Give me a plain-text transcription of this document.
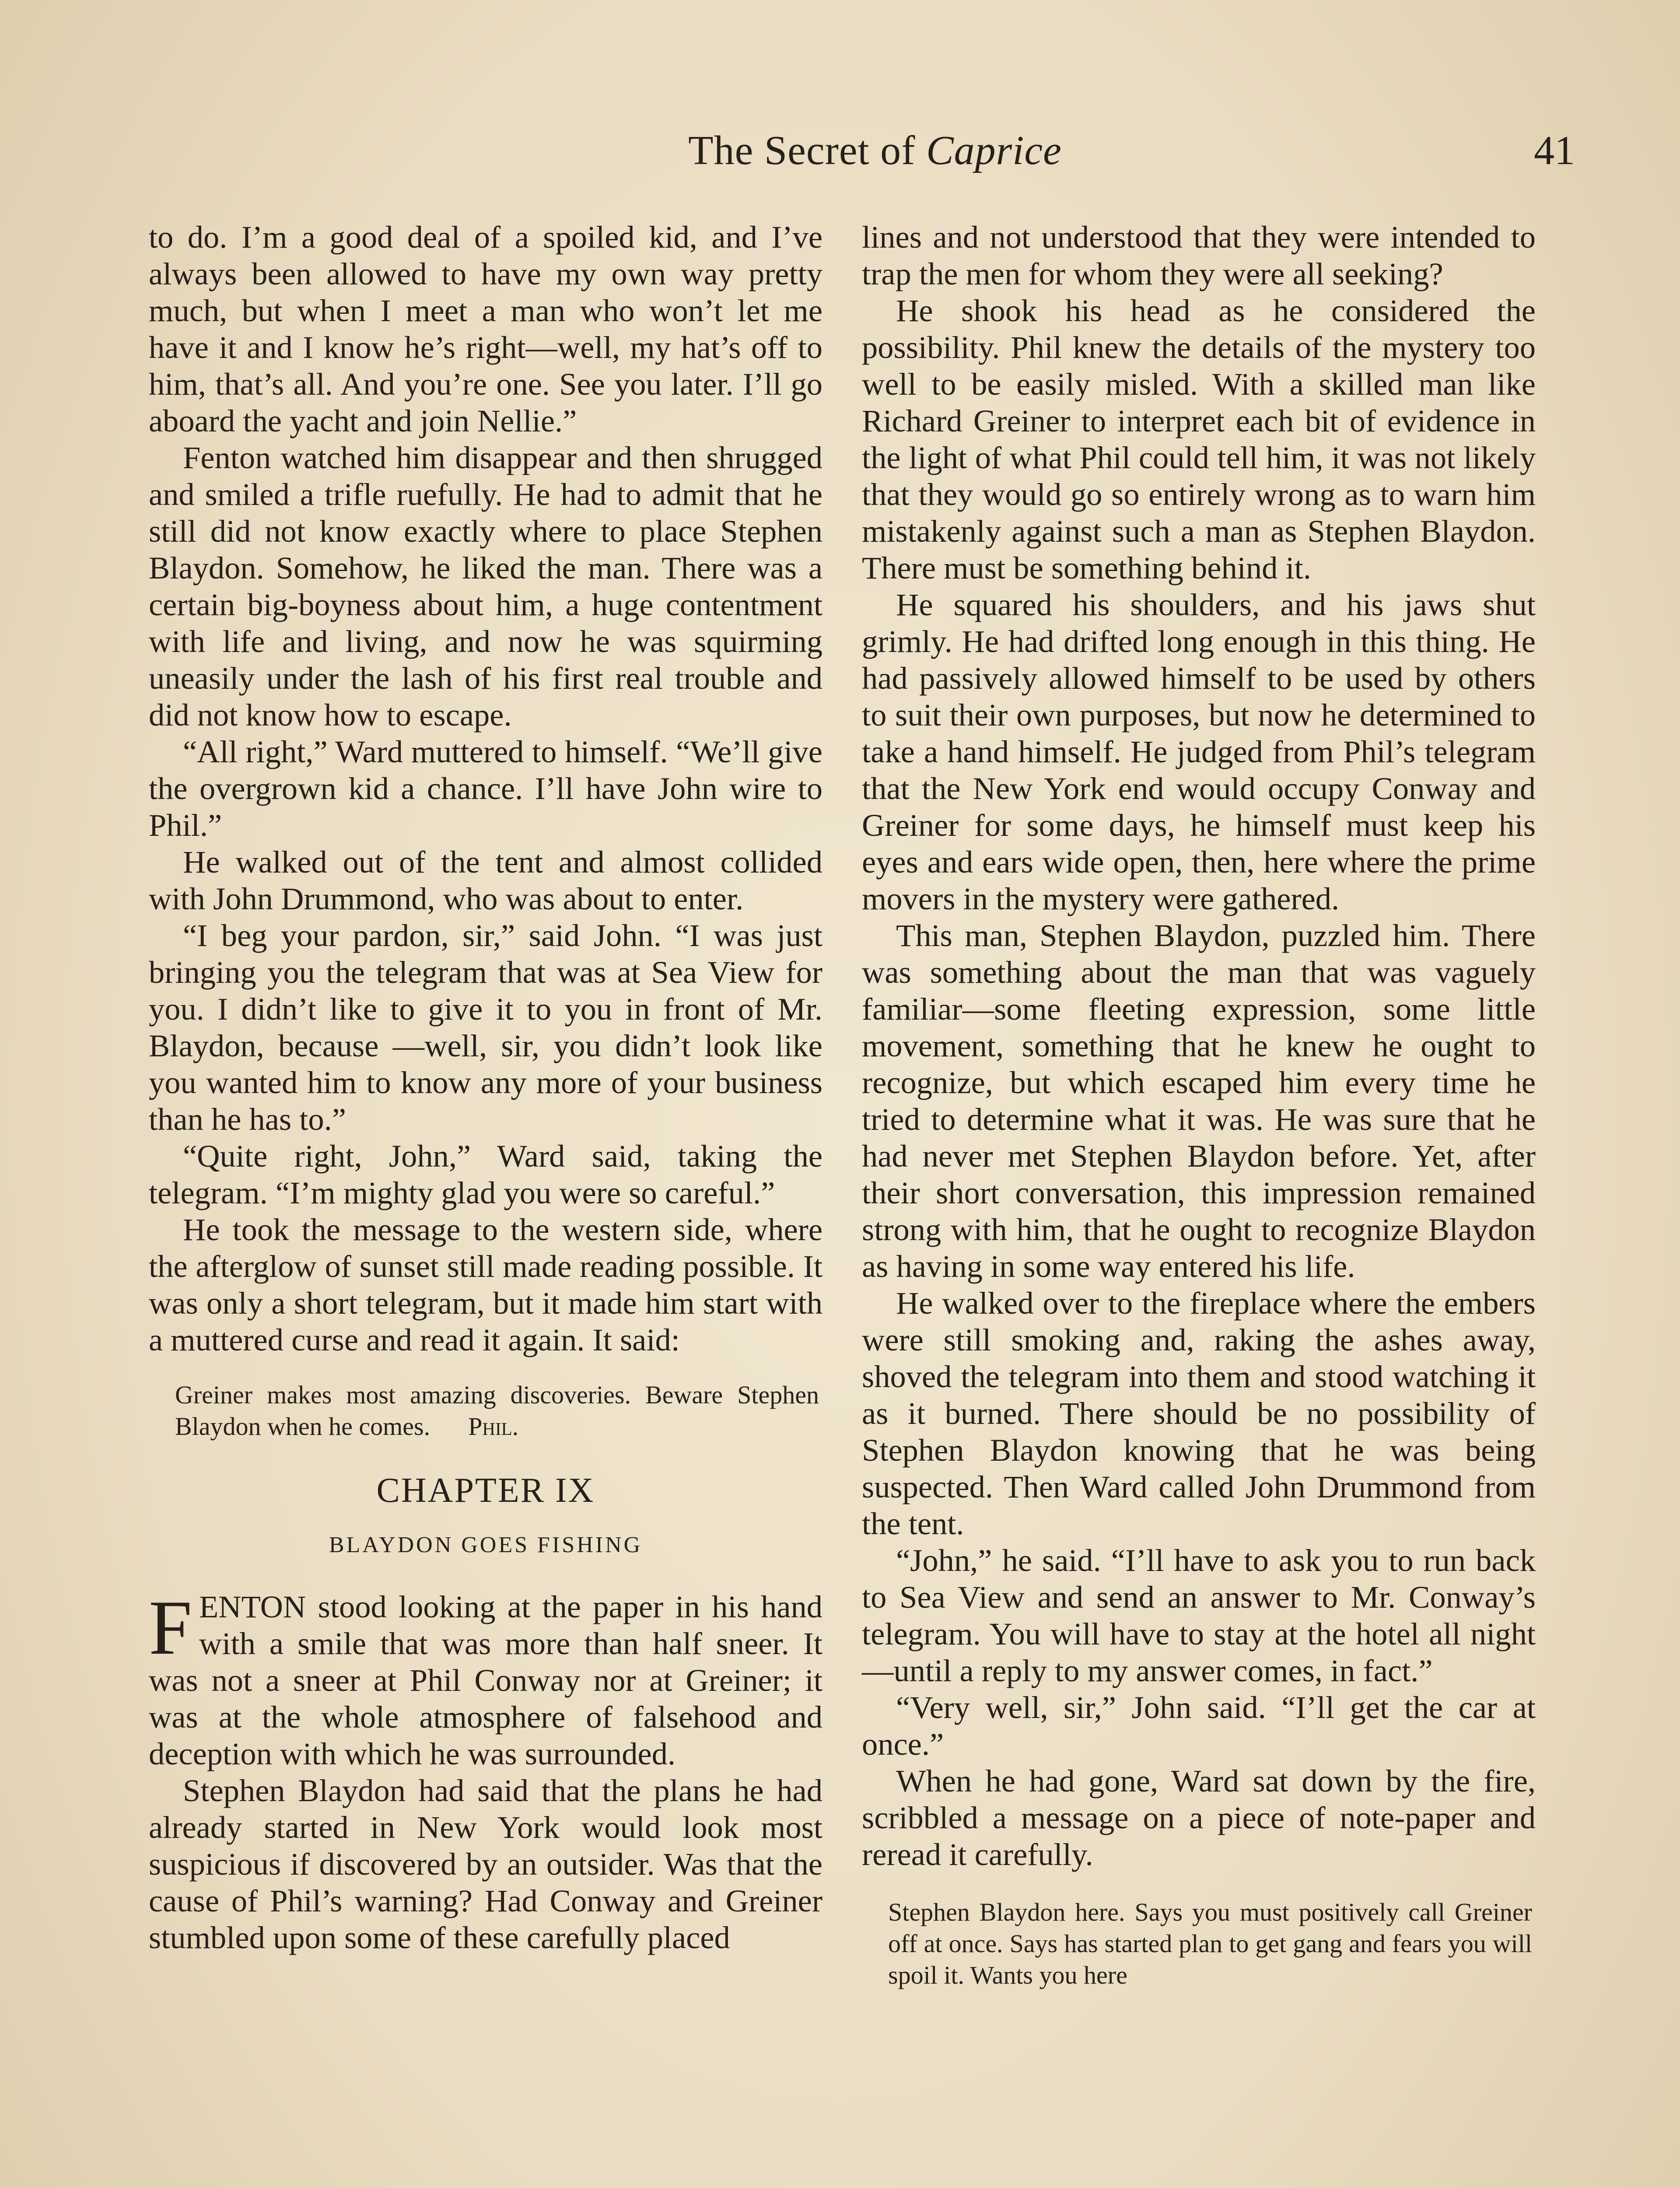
The Secret of Caprice	41

to do. I’m a good deal of a spoiled kid, and I’ve always been allowed to have my own way pretty much, but when I meet a man who won’t let me have it and I know he’s right—well, my hat’s off to him, that’s all. And you’re one. See you later. I’ll go aboard the yacht and join Nellie.”

Fenton watched him disappear and then shrugged and smiled a trifle ruefully. He had to admit that he still did not know exactly where to place Stephen Blaydon. Somehow, he liked the man. There was a certain big-boyness about him, a huge contentment with life and living, and now he was squirming uneasily under the lash of his first real trouble and did not know how to escape.

“All right,” Ward muttered to himself. “We’ll give the overgrown kid a chance. I’ll have John wire to Phil.”

He walked out of the tent and almost collided with John Drummond, who was about to enter.

“I beg your pardon, sir,” said John. “I was just bringing you the telegram that was at Sea View for you. I didn’t like to give it to you in front of Mr. Blaydon, because —well, sir, you didn’t look like you wanted him to know any more of your business than he has to.”

“Quite right, John,” Ward said, taking the telegram. “I’m mighty glad you were so careful.”

He took the message to the western side, where the afterglow of sunset still made reading possible. It was only a short telegram, but it made him start with a muttered curse and read it again. It said:

Greiner makes most amazing discoveries. Beware Stephen Blaydon when he comes. Phil.
CHAPTER IX
BLAYDON GOES FISHING

FENTON stood looking at the paper in his hand with a smile that was more than half sneer. It was not a sneer at Phil Conway nor at Greiner; it was at the whole atmosphere of falsehood and deception with which he was surrounded.

Stephen Blaydon had said that the plans he had already started in New York would look most suspicious if discovered by an outsider. Was that the cause of Phil’s warning? Had Conway and Greiner stumbled upon some of these carefully placed

lines and not understood that they were intended to trap the men for whom they were all seeking?

He shook his head as he considered the possibility. Phil knew the details of the mystery too well to be easily misled. With a skilled man like Richard Greiner to interpret each bit of evidence in the light of what Phil could tell him, it was not likely that they would go so entirely wrong as to warn him mistakenly against such a man as Stephen Blaydon. There must be something behind it.

He squared his shoulders, and his jaws shut grimly. He had drifted long enough in this thing. He had passively allowed himself to be used by others to suit their own purposes, but now he determined to take a hand himself. He judged from Phil’s telegram that the New York end would occupy Conway and Greiner for some days, he himself must keep his eyes and ears wide open, then, here where the prime movers in the mystery were gathered.

This man, Stephen Blaydon, puzzled him. There was something about the man that was vaguely familiar—some fleeting expression, some little movement, something that he knew he ought to recognize, but which escaped him every time he tried to determine what it was. He was sure that he had never met Stephen Blaydon before. Yet, after their short conversation, this impression remained strong with him, that he ought to recognize Blaydon as having in some way entered his life.

He walked over to the fireplace where the embers were still smoking and, raking the ashes away, shoved the telegram into them and stood watching it as it burned. There should be no possibility of Stephen Blaydon knowing that he was being suspected. Then Ward called John Drummond from the tent.

“John,” he said. “I’ll have to ask you to run back to Sea View and send an answer to Mr. Conway’s telegram. You will have to stay at the hotel all night—until a reply to my answer comes, in fact.”

“Very well, sir,” John said. “I’ll get the car at once.”

When he had gone, Ward sat down by the fire, scribbled a message on a piece of note-paper and reread it carefully.

Stephen Blaydon here. Says you must positively call Greiner off at once. Says has started plan to get gang and fears you will spoil it. Wants you here
